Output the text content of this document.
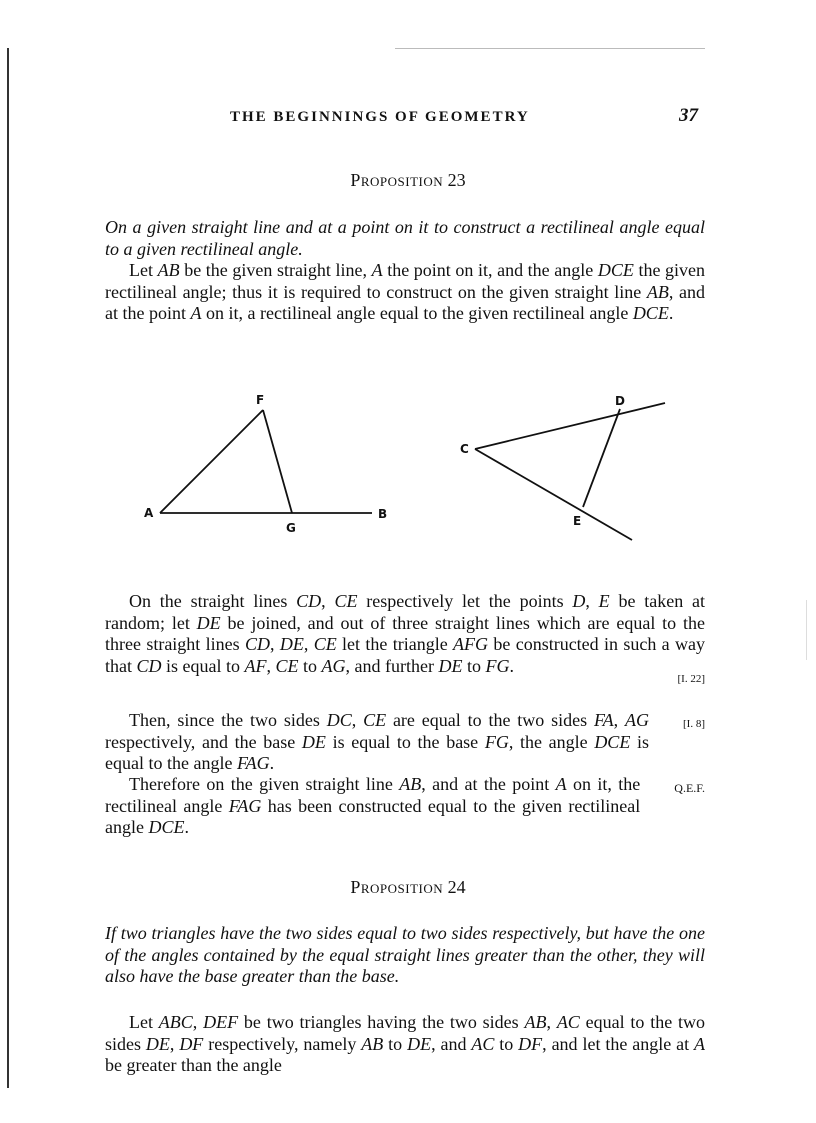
THE BEGINNINGS OF GEOMETRY	37
Proposition 23
On a given straight line and at a point on it to construct a rectilineal angle equal to a given rectilineal angle.
Let AB be the given straight line, A the point on it, and the angle DCE the given rectilineal angle; thus it is required to construct on the given straight line AB, and at the point A on it, a rectilineal angle equal to the given rectilineal angle DCE.
A	B
F
G
C
D
E
On the straight lines CD, CE respectively let the points D, E be taken at random; let DE be joined, and out of three straight lines which are equal to the three straight lines CD, DE, CE let the triangle AFG be constructed in such a way that CD is equal to AF, CE to AG, and further DE to FG.
[I. 22]
[I. 8]
Then, since the two sides DC, CE are equal to the two sides FA, AG respectively, and the base DE is equal to the base FG, the angle DCE is equal to the angle FAG.
Q.E.F.
Therefore on the given straight line AB, and at the point A on it, the rectilineal angle FAG has been constructed equal to the given rectilineal angle DCE.
Proposition 24
If two triangles have the two sides equal to two sides respectively, but have the one of the angles contained by the equal straight lines greater than the other, they will also have the base greater than the base.
Let ABC, DEF be two triangles having the two sides AB, AC equal to the two sides DE, DF respectively, namely AB to DE, and AC to DF, and let the angle at A be greater than the angle
